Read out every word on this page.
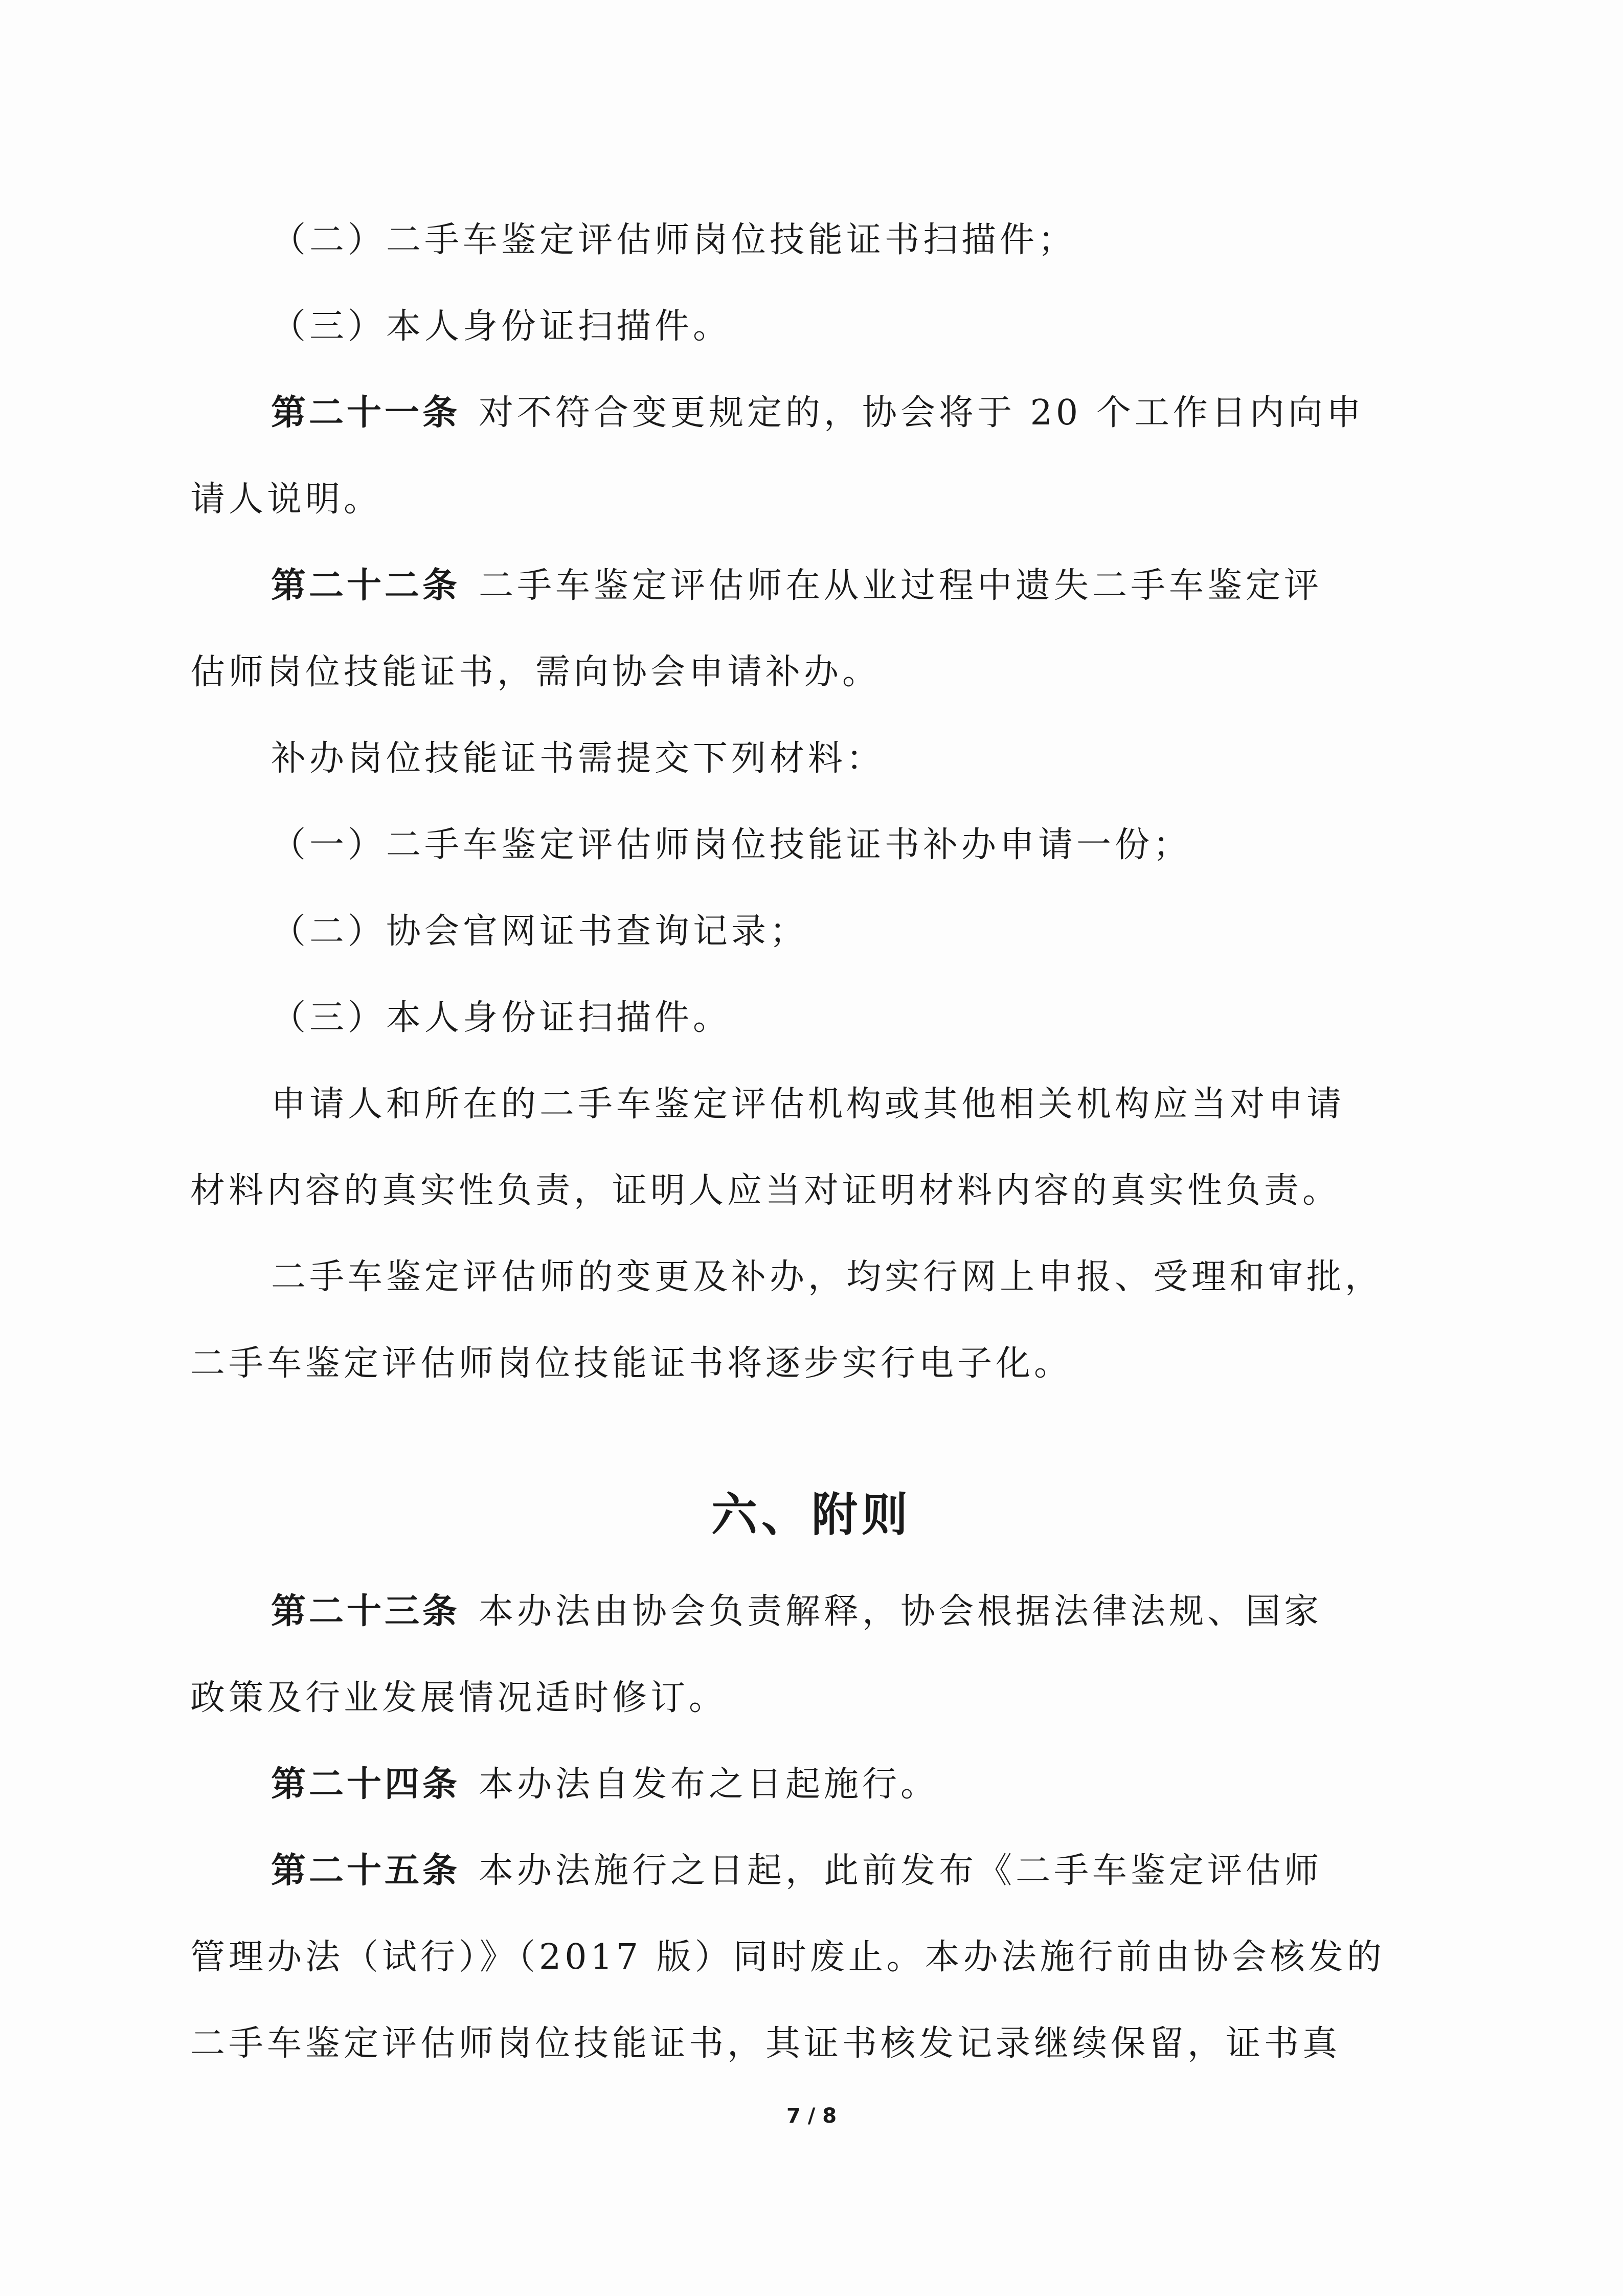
（二）二手车鉴定评估师岗位技能证书扫描件；
（三）本人身份证扫描件。
第二十一条 对不符合变更规定的，协会将于 20 个工作日内向申
请人说明。
第二十二条 二手车鉴定评估师在从业过程中遗失二手车鉴定评
估师岗位技能证书，需向协会申请补办。
补办岗位技能证书需提交下列材料：
（一）二手车鉴定评估师岗位技能证书补办申请一份；
（二）协会官网证书查询记录；
（三）本人身份证扫描件。
申请人和所在的二手车鉴定评估机构或其他相关机构应当对申请
材料内容的真实性负责，证明人应当对证明材料内容的真实性负责。
二手车鉴定评估师的变更及补办，均实行网上申报、受理和审批，
二手车鉴定评估师岗位技能证书将逐步实行电子化。
六、附则
第二十三条 本办法由协会负责解释，协会根据法律法规、国家
政策及行业发展情况适时修订。
第二十四条 本办法自发布之日起施行。
第二十五条 本办法施行之日起，此前发布《二手车鉴定评估师
管理办法（试行）》（2017 版）同时废止。本办法施行前由协会核发的
二手车鉴定评估师岗位技能证书，其证书核发记录继续保留，证书真
7 / 8
